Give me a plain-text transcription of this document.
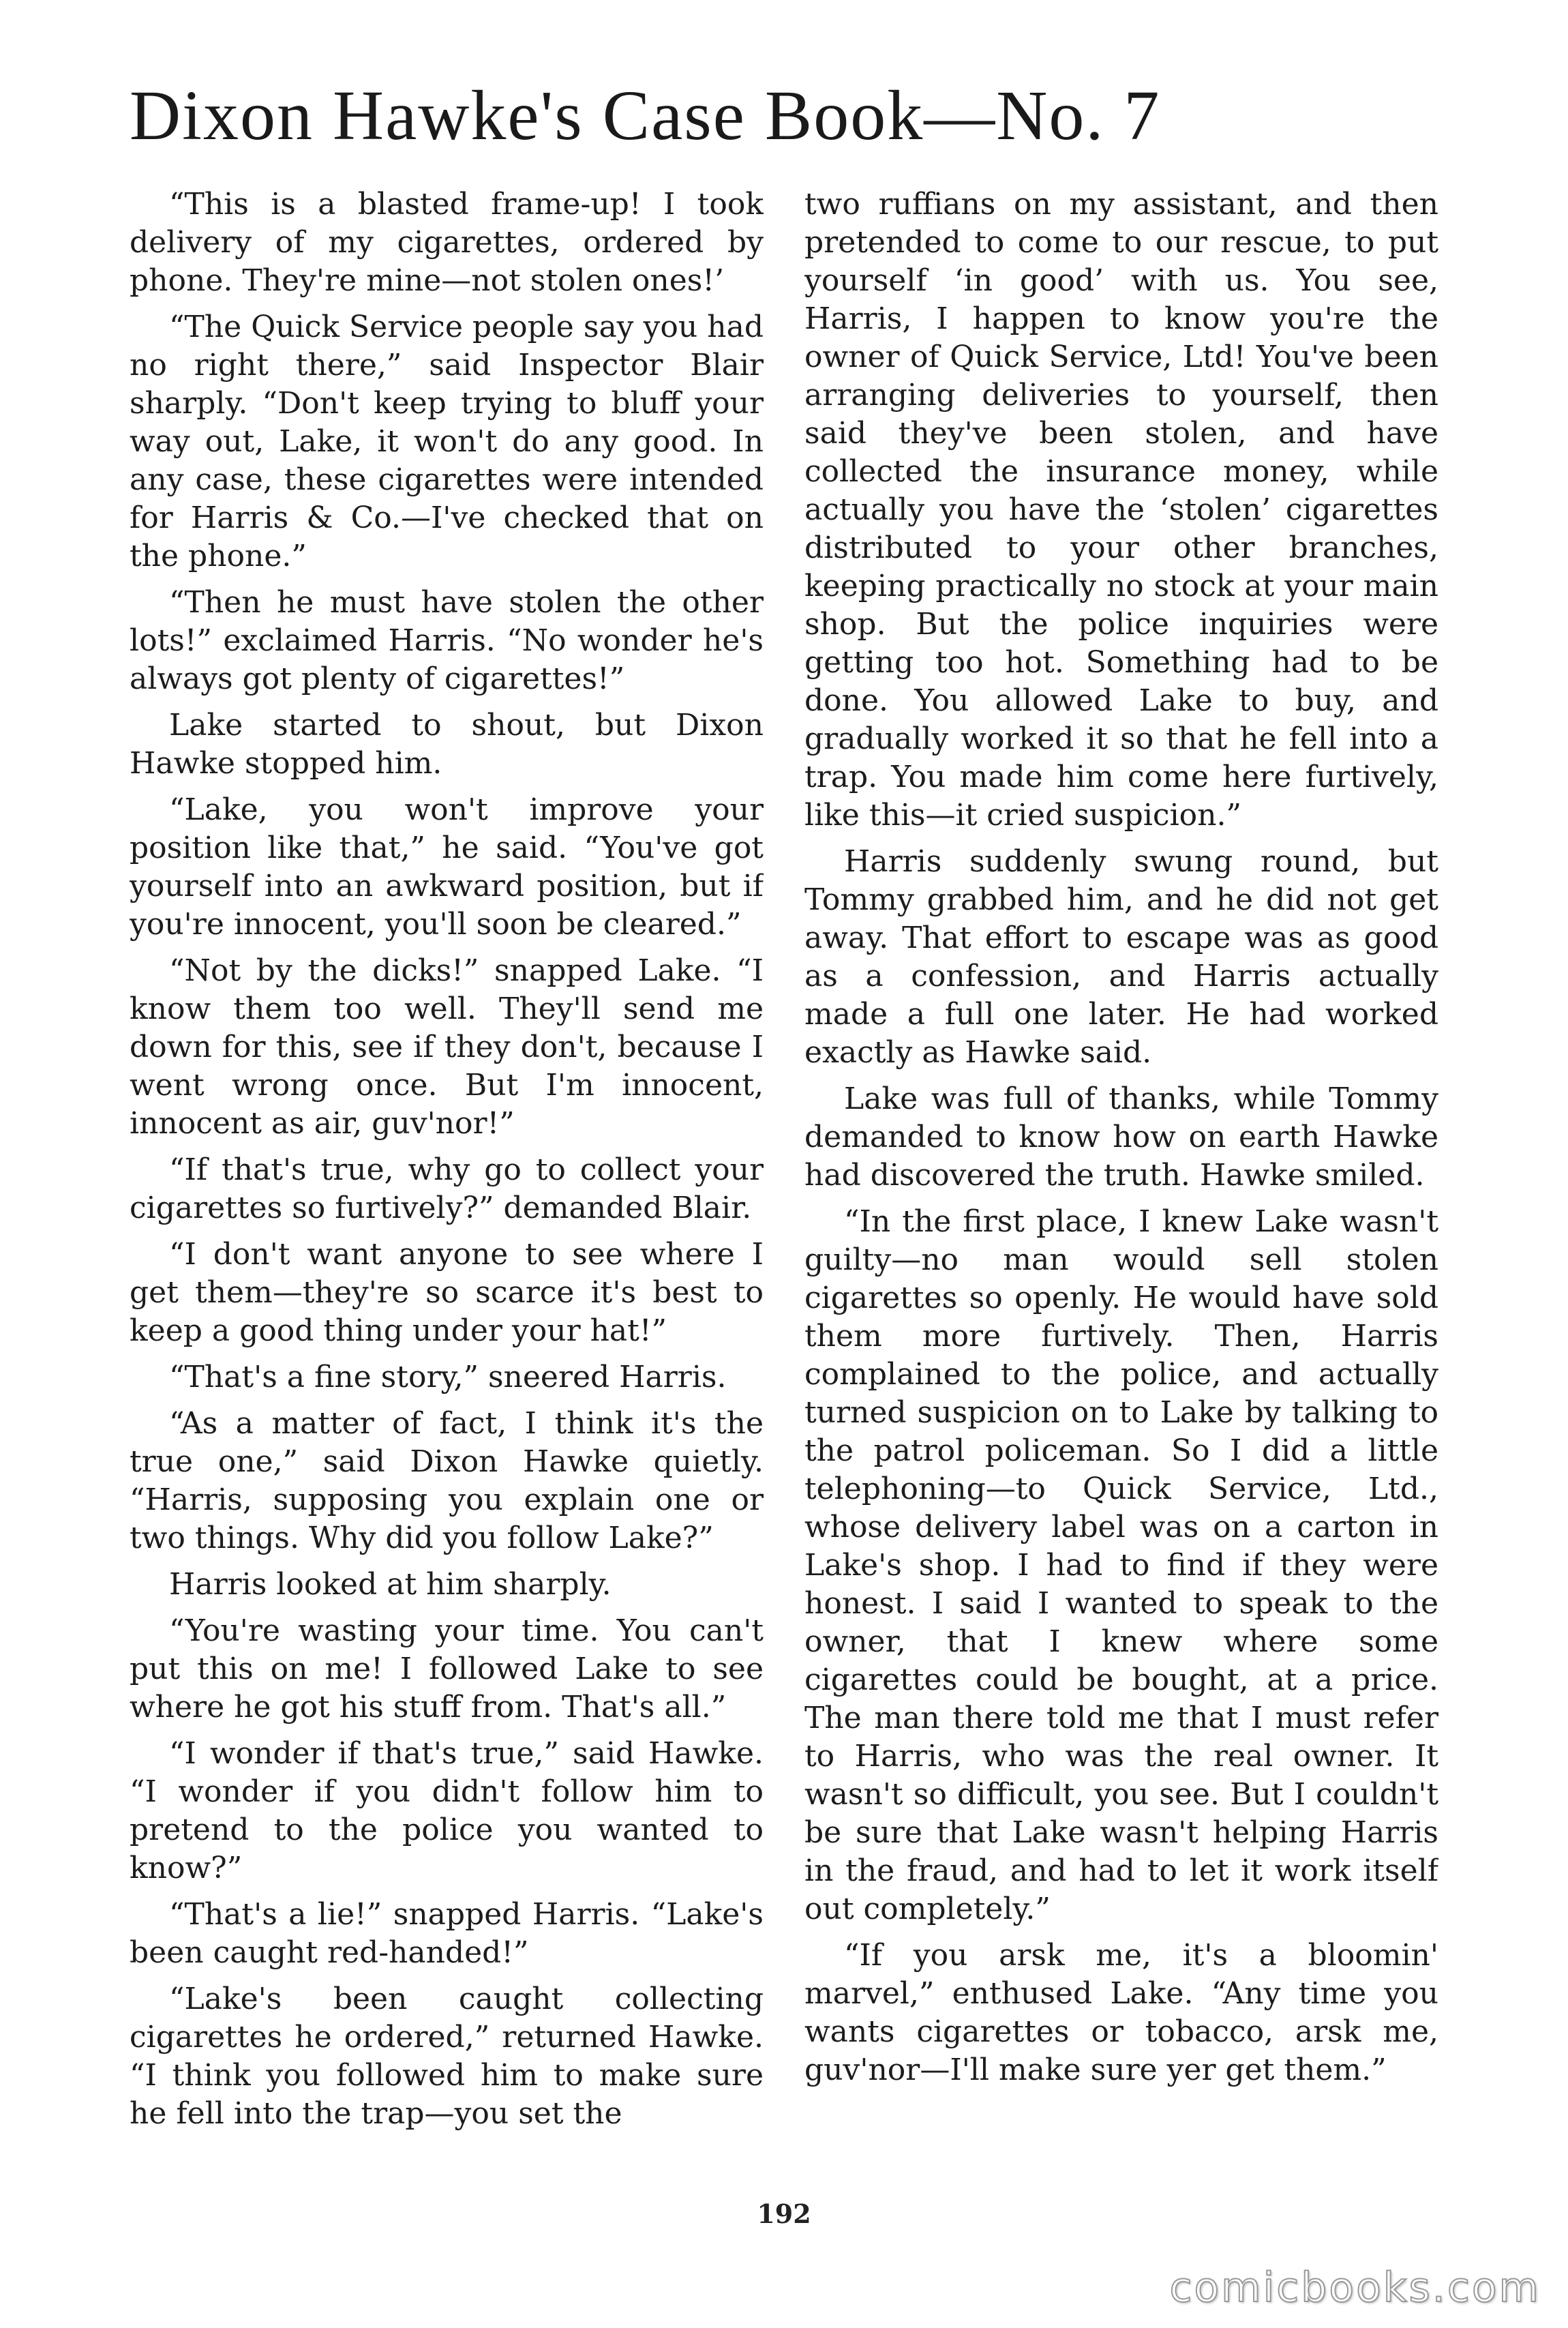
Dixon Hawke's Case Book—No. 7

“This is a blasted frame-up! I took delivery of my cigarettes, ordered by phone. They're mine—not stolen ones!’

“The Quick Service people say you had no right there,” said Inspector Blair sharply. “Don't keep trying to bluff your way out, Lake, it won't do any good. In any case, these cigarettes were intended for Harris & Co.—I've checked that on the phone.”

“Then he must have stolen the other lots!” exclaimed Harris. “No wonder he's always got plenty of cigarettes!”

Lake started to shout, but Dixon Hawke stopped him.

“Lake, you won't improve your position like that,” he said. “You've got yourself into an awkward position, but if you're innocent, you'll soon be cleared.”

“Not by the dicks!” snapped Lake. “I know them too well. They'll send me down for this, see if they don't, because I went wrong once. But I'm innocent, innocent as air, guv'nor!”

“If that's true, why go to collect your cigarettes so furtively?” demanded Blair.

“I don't want anyone to see where I get them—they're so scarce it's best to keep a good thing under your hat!”

“That's a fine story,” sneered Harris.

“As a matter of fact, I think it's the true one,” said Dixon Hawke quietly. “Harris, supposing you explain one or two things. Why did you follow Lake?”

Harris looked at him sharply.

“You're wasting your time. You can't put this on me! I followed Lake to see where he got his stuff from. That's all.”

“I wonder if that's true,” said Hawke. “I wonder if you didn't follow him to pretend to the police you wanted to know?”

“That's a lie!” snapped Harris. “Lake's been caught red-handed!”

“Lake's been caught collecting cigarettes he ordered,” returned Hawke. “I think you followed him to make sure he fell into the trap—you set the

two ruffians on my assistant, and then pretended to come to our rescue, to put yourself ‘in good’ with us. You see, Harris, I happen to know you're the owner of Quick Service, Ltd! You've been arranging deliveries to yourself, then said they've been stolen, and have collected the insurance money, while actually you have the ‘stolen’ cigarettes distributed to your other branches, keeping practically no stock at your main shop. But the police inquiries were getting too hot. Something had to be done. You allowed Lake to buy, and gradually worked it so that he fell into a trap. You made him come here furtively, like this—it cried suspicion.”

Harris suddenly swung round, but Tommy grabbed him, and he did not get away. That effort to escape was as good as a confession, and Harris actually made a full one later. He had worked exactly as Hawke said.

Lake was full of thanks, while Tommy demanded to know how on earth Hawke had discovered the truth. Hawke smiled.

“In the first place, I knew Lake wasn't guilty—no man would sell stolen cigarettes so openly. He would have sold them more furtively. Then, Harris complained to the police, and actually turned suspicion on to Lake by talking to the patrol policeman. So I did a little telephoning—to Quick Service, Ltd., whose delivery label was on a carton in Lake's shop. I had to find if they were honest. I said I wanted to speak to the owner, that I knew where some cigarettes could be bought, at a price. The man there told me that I must refer to Harris, who was the real owner. It wasn't so difficult, you see. But I couldn't be sure that Lake wasn't helping Harris in the fraud, and had to let it work itself out completely.”

“If you arsk me, it's a bloomin' marvel,” enthused Lake. “Any time you wants cigarettes or tobacco, arsk me, guv'nor—I'll make sure yer get them.”

192
comicbooks.com
